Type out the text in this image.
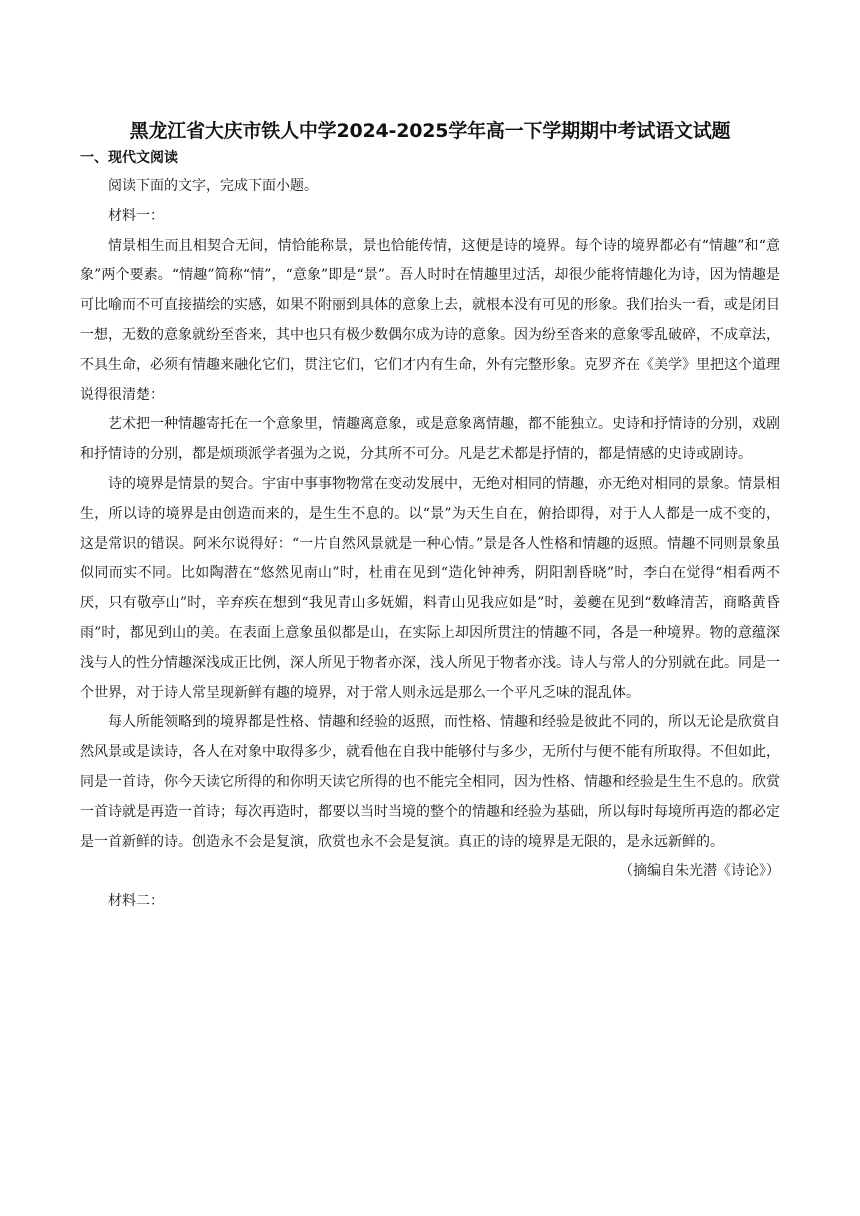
黑龙江省大庆市铁人中学2024-2025学年高一下学期期中考试语文试题
一、现代文阅读

阅读下面的文字，完成下面小题。

材料一：

情景相生而且相契合无间，情恰能称景，景也恰能传情，这便是诗的境界。每个诗的境界都必有“情趣”和“意象”两个要素。“情趣”简称“情”，“意象”即是“景”。吾人时时在情趣里过活，却很少能将情趣化为诗，因为情趣是可比喻而不可直接描绘的实感，如果不附丽到具体的意象上去，就根本没有可见的形象。我们抬头一看，或是闭目一想，无数的意象就纷至沓来，其中也只有极少数偶尔成为诗的意象。因为纷至沓来的意象零乱破碎，不成章法，不具生命，必须有情趣来融化它们，贯注它们，它们才内有生命，外有完整形象。克罗齐在《美学》里把这个道理说得很清楚：

艺术把一种情趣寄托在一个意象里，情趣离意象，或是意象离情趣，都不能独立。史诗和抒情诗的分别，戏剧和抒情诗的分别，都是烦琐派学者强为之说，分其所不可分。凡是艺术都是抒情的，都是情感的史诗或剧诗。

诗的境界是情景的契合。宇宙中事事物物常在变动发展中，无绝对相同的情趣，亦无绝对相同的景象。情景相生，所以诗的境界是由创造而来的，是生生不息的。以“景”为天生自在，俯拾即得，对于人人都是一成不变的，这是常识的错误。阿米尔说得好：“一片自然风景就是一种心情。”景是各人性格和情趣的返照。情趣不同则景象虽似同而实不同。比如陶潜在“悠然见南山”时，杜甫在见到“造化钟神秀，阴阳割昏晓”时，李白在觉得“相看两不厌，只有敬亭山”时，辛弃疾在想到“我见青山多妩媚，料青山见我应如是”时，姜夔在见到“数峰清苦，商略黄昏雨”时，都见到山的美。在表面上意象虽似都是山，在实际上却因所贯注的情趣不同，各是一种境界。物的意蕴深浅与人的性分情趣深浅成正比例，深人所见于物者亦深，浅人所见于物者亦浅。诗人与常人的分别就在此。同是一个世界，对于诗人常呈现新鲜有趣的境界，对于常人则永远是那么一个平凡乏味的混乱体。

每人所能领略到的境界都是性格、情趣和经验的返照，而性格、情趣和经验是彼此不同的，所以无论是欣赏自然风景或是读诗，各人在对象中取得多少，就看他在自我中能够付与多少，无所付与便不能有所取得。不但如此，同是一首诗，你今天读它所得的和你明天读它所得的也不能完全相同，因为性格、情趣和经验是生生不息的。欣赏一首诗就是再造一首诗；每次再造时，都要以当时当境的整个的情趣和经验为基础，所以每时每境所再造的都必定是一首新鲜的诗。创造永不会是复演，欣赏也永不会是复演。真正的诗的境界是无限的，是永远新鲜的。

（摘编自朱光潜《诗论》）

材料二：
